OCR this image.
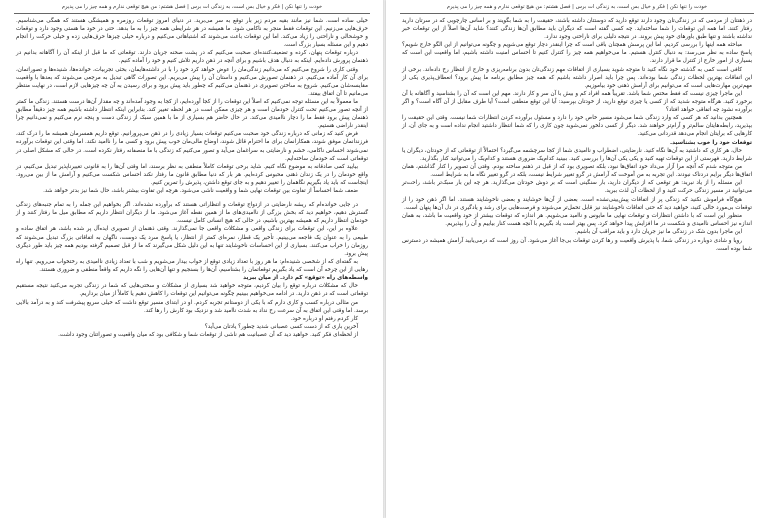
خودت را تنها نکن | فکر و خیال بس است، به زندگی ات برس | فصل هشتم: من هیچ توقعی ندارم و همه چیز را می پذیرم

خیلی ساده است. شما نیز مانند بقیه مردم زیر بار توقع به سر می‌برید. در دنیای امروز توقعات روزمره و همیشگی هستند که همگی می‌شناسیم. حرف‌هایی می‌زنیم. این توقعات فقط منجر به ناکامی شود. ما همیشه در هر شرایطی همه چیز را به ما بدهد. حتی در خود ما هستی وجود دارد و توقعات و خوشحالی و ناراحتی را زیاد می‌کند. اما این توقعات باعث می‌شوند که اشتباهاتی می‌کنیم و درباره خیلی چیزها حرف‌هایی زده و خیلی حرکت را انجام دهیم و این مسئله بسیار بزرگ است.

درباره توقعات پنهان، کرده و تضعیف‌کننده‌ای صحبت می‌کنیم که در پشت صحنه جریان دارند. توقعاتی که ما قبل از اینکه آن را آگاهانه بدانیم در ذهنمان پرورش داده‌ایم. اینکه به دنبال هدف باشیم و برای آنچه در ذهن داریم تلاش کنیم و خود را آماده کنیم.

وقتی کاری را شروع می‌کنیم که می‌دانیم زندگی‌مان را عوض خواهد کرد خود را با در داشته‌هایمان، بحثی تجربیات، خوانده‌ها، شنیده‌ها و تصوراتمان، برای آن کار آماده می‌کنیم. در ذهنمان تصورش می‌کنیم و داستان آن را پیش می‌بریم. این تصورات گاهی تبدیل به مرجعی می‌شوند که بعدها با واقعیت مقایسه‌شان می‌کنیم. شروع به ساختن تصویری در ذهنمان می‌کنیم که چطور باید پیش برود و برای رسیدن به آن چه چیزهایی لازم است، در نهایت منتظر می‌مانیم تا آن اتفاق بیفتد.

ما معمولاً به این مسئله توجه نمی‌کنیم که اصلاً این توقعات را از کجا آورده‌ایم، از کجا به وجود آمده‌اند و چه مقدار آن‌ها درست هستند. زندگی ما کمتر از آنچه تصور می‌کنیم تحت کنترل خودمان است و هر چیزی ممکن است در هر لحظه تغییر کند. بنابراین اینکه انتظار داشته باشیم همه چیز دقیقاً مطابق ذهنمان پیش برود فقط ما را دچار ناامیدی می‌کند. در حال حاضر هم بسیاری از ما با همین سبک از زندگی دست و پنجه نرم می‌کنیم و نمی‌دانیم چرا اینقدر ناراضی هستیم.

فرض کنید که زمانی که درباره زندگی خود صحبت می‌کنیم توقعات بسیار زیادی را در ذهن می‌پرورانیم. توقع داریم همسرمان همیشه ما را درک کند، فرزندانمان موفق شوند، همکارانمان برای ما احترام قائل شوند، اوضاع مالی‌مان خوب پیش برود و کسی ما را ناامید نکند. اما وقتی این توقعات برآورده نمی‌شوند احساس ناکامی، خشم و نارضایتی به سراغمان می‌آید و تصور می‌کنیم که زندگی با ما منصفانه رفتار نکرده است. در حالی که مشکل اصلی در توقعاتی است که خودمان ساخته‌ایم.

بیایید کمی صادقانه به موضوع نگاه کنیم. شاید برخی توقعات کاملاً منطقی به نظر برسند، اما وقتی آن‌ها را به قانونی تغییرناپذیر تبدیل می‌کنیم، در واقع خودمان را در یک زندان ذهنی محبوس کرده‌ایم. هر بار که دنیا مطابق قانون ما رفتار نکند احساس شکست می‌کنیم و آرامش ما از بین می‌رود. اینجاست که باید یاد بگیریم نگاهمان را تغییر دهیم و به جای توقع داشتن، پذیرش را تمرین کنیم.

ضعف شما احساساً از تفاوت بین توقعات نهایی شما و واقعیت ناشی می‌شود. هرچه این تفاوت بیشتر باشد، حال شما نیز بدتر خواهد شد.

در جایی خوانده‌ام که ریشه نارضایتی در ازدواج توقعات و انتظاراتی هستند که برآورده نشده‌اند. اگر بخواهیم این جمله را به تمام جنبه‌های زندگی گسترش دهیم، خواهیم دید که بخش بزرگی از ناامیدی‌های ما از همین نقطه آغاز می‌شود. ما از دیگران انتظار داریم که مطابق میل ما رفتار کنند و از خودمان انتظار داریم که همیشه بهترین باشیم، در حالی که هیچ انسانی کامل نیست.

علاوه بر این، این توقعات برای زندگی واقعی و مشکلات واقعی جا نمی‌گذارند. وقتی ذهنمان از تصویری ایده‌آل پر شده باشد، هر اتفاق ساده و طبیعی را به عنوان یک فاجعه می‌بینیم. تأخیر یک قطار، نمره‌ای کمتر از انتظار، یا پاسخ سرد یک دوست، ناگهان به اتفاقاتی بزرگ تبدیل می‌شوند که روزمان را خراب می‌کنند. بسیاری از این احساسات ناخوشایند تنها به این دلیل شکل می‌گیرند که ما از قبل تصمیم گرفته بودیم همه چیز باید طور دیگری پیش برود.

به گفته‌ای که از شخصی شنیده‌ام: ما هر روز با تعداد زیادی توقع از خواب بیدار می‌شویم و شب با تعداد زیادی ناامیدی به رختخواب می‌رویم. تنها راه رهایی از این چرخه آن است که یاد بگیریم توقعاتمان را بشناسیم، آن‌ها را بسنجیم و تنها آن‌هایی را نگه داریم که واقعاً منطقی و ضروری هستند.

واسطه‌های راه «توقع» کم دارد. از میان ببرید

حال که مشکلات درباره توقع را بیان کردیم، متوجه خواهید شد بسیاری از مشکلات و سختی‌هایی که شما در زندگی تجربه می‌کنید نتیجه مستقیم توقعاتی است که در ذهن دارید. در ادامه می‌خواهیم ببینیم چگونه می‌توانیم این توقعات را کاهش دهیم یا کاملاً از میان برداریم.

من مثالی درباره کسب و کاری دارم که با یکی از دوستانم تجربه کردم. او در ابتدای مسیر توقع داشت که خیلی سریع پیشرفت کند و به درآمد بالایی برسد. اما وقتی این اتفاق به آن سرعت رخ نداد به شدت ناامید شد و نزدیک بود کارش را رها کند.

کار کردم رفتم او درباره خود.

آخرین باری که از دست کسی عصبانی شدید چطور؟ یادتان می‌آید؟

از لحظه‌ای فکر کنید. خواهید دید که آن عصبانیت هم ناشی از توقعات شما و شکافی بود که میان واقعیت و تصوراتتان وجود داشت.

خودت را تنها نکن | فکر و خیال بس است، به زندگی ات برس | فصل هشتم: من هیچ توقعی ندارم و همه چیز را می پذیرم

در ذهنتان از مردمی که در زندگی‌تان وجود دارند توقع دارید که دوستتان داشته باشند، حقیقت را به شما بگویند و بر اساس چارچوبی که در سرتان دارید رفتار کنند. اما همه این توقعات را شما ساخته‌اید. چه کسی گفته است که دیگران باید مطابق آن‌ها زندگی کنند؟ شاید آن‌ها اصلاً از این توقعات خبر نداشته باشند و تنها طبق باورهای خود پیش بروند. در نتیجه دلیلی برای ناراحتی وجود ندارد.

مباحثه همه اینها را بررسی کردیم. اما این پرسش همچنان باقی است که چرا اینقدر دچار توقع می‌شویم و چگونه می‌توانیم از این الگو خارج شویم؟ پاسخ ساده به نظر می‌رسد: به دنبال کنترل هستیم. ما می‌خواهیم همه چیز را کنترل کنیم تا احساس امنیت داشته باشیم، اما واقعیت این است که بسیاری از امور خارج از کنترل ما قرار دارند.

کافی است کمی به گذشته خود نگاه کنید تا متوجه شوید بسیاری از اتفاقات مهم زندگی‌تان بدون برنامه‌ریزی و خارج از انتظار رخ داده‌اند. برخی از این اتفاقات بهترین لحظات زندگی شما بوده‌اند. پس چرا باید اصرار داشته باشیم که همه چیز مطابق برنامه ما پیش برود؟ انعطاف‌پذیری یکی از مهم‌ترین مهارت‌هایی است که می‌توانیم برای آرامش ذهنی خود بیاموزیم.

این ماجرا چیزی نیست که فقط مختص شما باشد. تقریباً همه افراد کم و بیش با آن سر و کار دارند. مهم این است که آن را بشناسید و آگاهانه با آن برخورد کنید. هرگاه متوجه شدید که از کسی یا چیزی توقع دارید، از خودتان بپرسید: آیا این توقع منطقی است؟ آیا طرف مقابل از آن آگاه است؟ و اگر برآورده نشود چه اتفاقی خواهد افتاد؟

همچنین بدانید که هر کسی که وارد زندگی شما می‌شود مسیر خاص خود را دارد و مسئول برآورده کردن انتظارات شما نیست. وقتی این حقیقت را بپذیرید، رابطه‌هایتان سالم‌تر و آرام‌تر خواهند شد. دیگر از کسی دلخور نمی‌شوید چون کاری را که شما انتظار داشتید انجام نداده است و به جای آن، از کارهایی که برایتان انجام می‌دهد قدردانی می‌کنید.

توقعات خود را خوب بشناسید.

حال، هر کاری که داشتید به آن‌ها نگاه کنید. نارضایتی، اضطراب و ناامیدی شما از کجا سرچشمه می‌گیرد؟ احتمالاً از توقعاتی که از خودتان، دیگران یا شرایط دارید. فهرستی از این توقعات تهیه کنید و یکی یکی آن‌ها را بررسی کنید. ببینید کدام‌یک ضروری هستند و کدام‌یک را می‌توانید کنار بگذارید.

من متوجه شدم که آنچه مرا آزار می‌داد خود اتفاق‌ها نبود، بلکه تصویری بود که از قبل در ذهنم ساخته بودم. وقتی آن تصویر را کنار گذاشتم، همان اتفاق‌ها دیگر برایم دردناک نبودند. این تجربه به من آموخت که آرامش در گرو تغییر شرایط نیست، بلکه در گرو تغییر نگاه ما به شرایط است.

این مسئله را از یاد نبرید: هر توقعی که از دیگران دارید، بار سنگینی است که بر دوش خودتان می‌گذارید. هر چه این بار سبک‌تر باشد، راحت‌تر می‌توانید در مسیر زندگی حرکت کنید و از لحظات آن لذت ببرید.

هیچ‌گاه فراموش نکنید که زندگی پر از اتفاقات پیش‌بینی‌نشده است. بعضی از آن‌ها خوشایند و بعضی ناخوشایند هستند. اما اگر ذهن خود را از توقعات بی‌مورد خالی کنید، خواهید دید که حتی اتفاقات ناخوشایند نیز قابل تحمل‌تر می‌شوند و فرصت‌هایی برای رشد و یادگیری در دل آن‌ها پنهان است.

منظور این است که با داشتن انتظارات و توقعات نهایی ما مایوس و ناامید می‌شویم. هر اندازه که توقعات بیشتر از خود واقعیت ما باشد، به همان اندازه نیز احساس ناامیدی و شکست در ما افزایش پیدا خواهد کرد. پس بهتر است یاد بگیریم با آنچه هست کنار بیاییم و آن را بپذیریم.

این ماجرا بدون شک در زندگی ما نیز جریان دارد و باید مراقب آن باشیم.

رویا و شادی دوباره در زندگی شما، با پذیرش واقعیت و رها کردن توقعات بی‌جا آغاز می‌شود. آن روز است که درمی‌یابید آرامش همیشه در دسترس شما بوده است.
